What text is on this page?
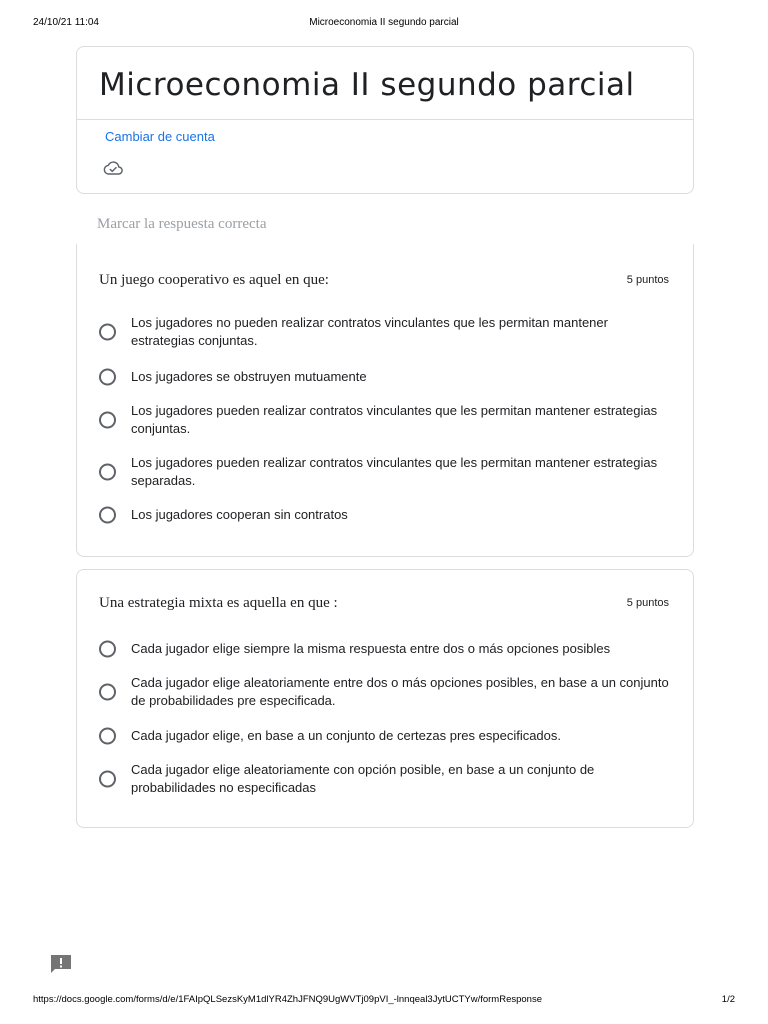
24/10/21 11:04	Microeconomia II segundo parcial
Microeconomia II segundo parcial
Cambiar de cuenta
Marcar la respuesta correcta
Un juego cooperativo es aquel en que:	5 puntos
Los jugadores no pueden realizar contratos vinculantes que les permitan mantener estrategias conjuntas.
Los jugadores se obstruyen mutuamente
Los jugadores pueden realizar contratos vinculantes que les permitan mantener estrategias conjuntas.
Los jugadores pueden realizar contratos vinculantes que les permitan mantener estrategias separadas.
Los jugadores cooperan sin contratos
Una estrategia mixta es aquella en que :	5 puntos
Cada jugador elige siempre la misma respuesta entre dos o más opciones posibles
Cada jugador elige aleatoriamente entre dos o más opciones posibles, en base a un conjunto de probabilidades pre especificada.
Cada jugador elige, en base a un conjunto de certezas pres especificados.
Cada jugador elige aleatoriamente con opción posible, en base a un conjunto de probabilidades no especificadas
https://docs.google.com/forms/d/e/1FAIpQLSezsKyM1dlYR4ZhJFNQ9UgWVTj09pVI_-lnnqeal3JytUCTYw/formResponse	1/2
